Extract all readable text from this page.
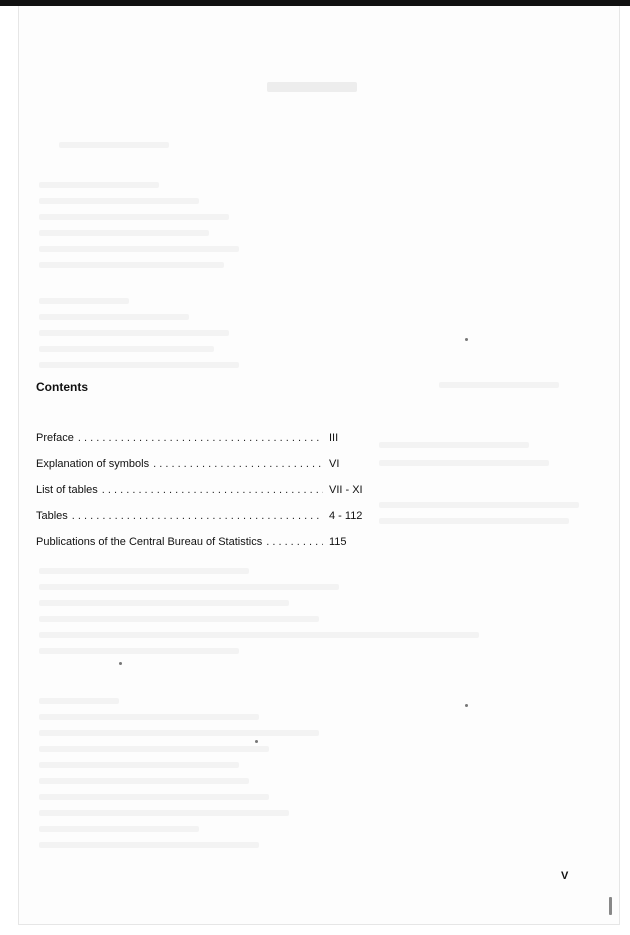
Contents
Preface . . .	III
Explanation of symbols . . .	VI
List of tables . . .	VII - XI
Tables . . .	4 - 112
Publications of the Central Bureau of Statistics . . .	115
V
